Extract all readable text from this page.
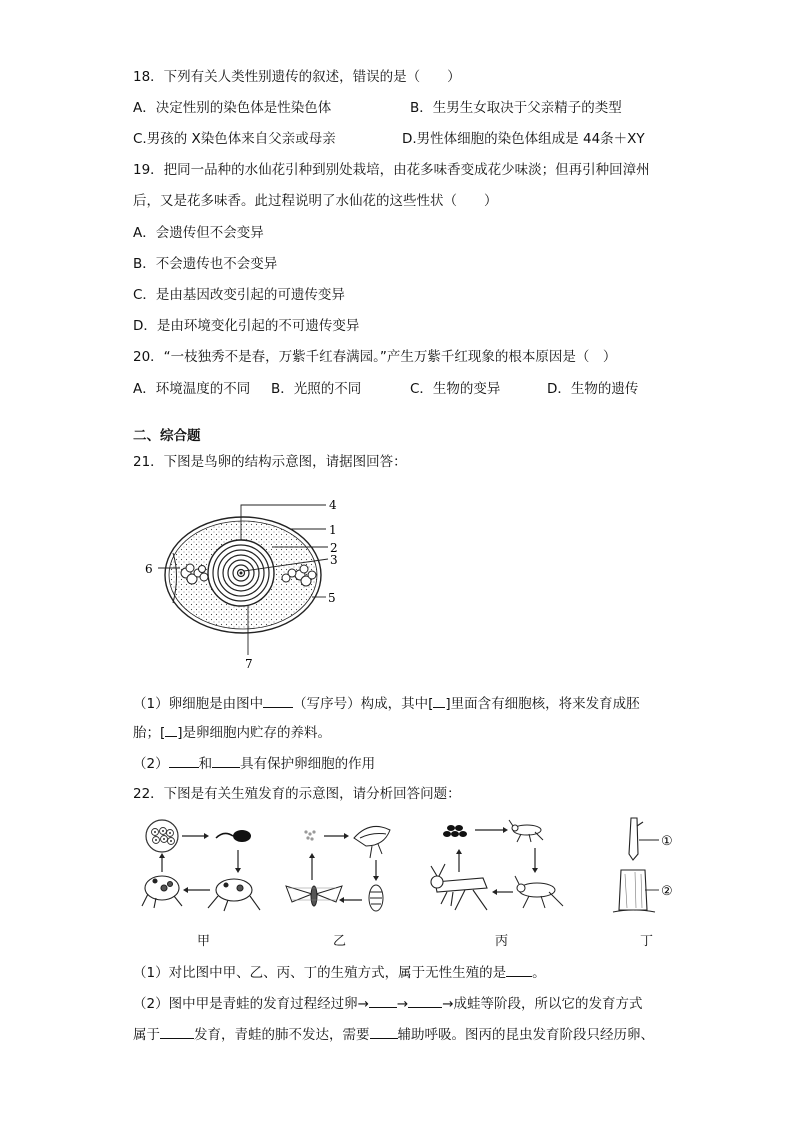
18．下列有关人类性别遗传的叙述，错误的是（　　）
A．决定性别的染色体是性染色体	B．生男生女取决于父亲精子的类型
C.男孩的 X染色体来自父亲或母亲	D.男性体细胞的染色体组成是 44条＋XY
19．把同一品种的水仙花引种到别处栽培，由花多味香变成花少味淡；但再引种回漳州
后，又是花多味香。此过程说明了水仙花的这些性状（　　）
A．会遗传但不会变异
B．不会遗传也不会变异
C．是由基因改变引起的可遗传变异
D．是由环境变化引起的不可遗传变异
20．“一枝独秀不是春，万紫千红春满园。”产生万紫千红现象的根本原因是（　）
A．环境温度的不同 B．光照的不同	C．生物的变异	D．生物的遗传
二、综合题
21．下图是鸟卵的结构示意图，请据图回答：
4
1
2
3
5
6
7
（1）卵细胞是由图中 （写序号）构成，其中[ ]里面含有细胞核，将来发育成胚
胎；[ ]是卵细胞内贮存的养料。
（2） 和 具有保护卵细胞的作用
22．下图是有关生殖发育的示意图，请分析回答问题：
①
②
甲	乙	丙	丁
（1）对比图中甲、乙、丙、丁的生殖方式，属于无性生殖的是 。
（2）图中甲是青蛙的发育过程经过卵→ →	→成蛙等阶段，所以它的发育方式
属于	发育，青蛙的肺不发达，需要 辅助呼吸。图丙的昆虫发育阶段只经历卵、
